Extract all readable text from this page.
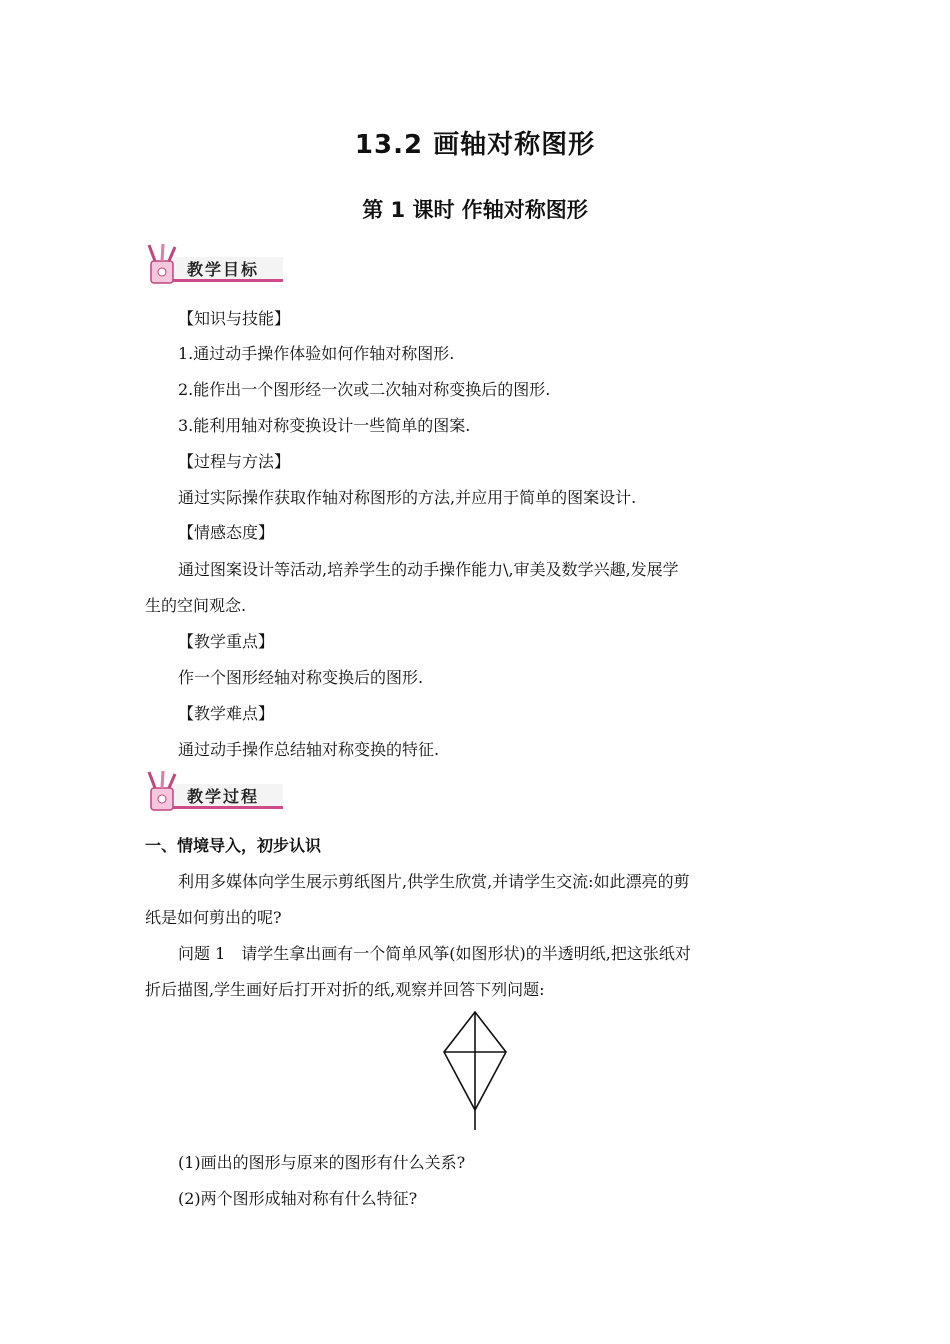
13.2 画轴对称图形
第 1 课时 作轴对称图形
教学目标
【知识与技能】
1.通过动手操作体验如何作轴对称图形.
2.能作出一个图形经一次或二次轴对称变换后的图形.
3.能利用轴对称变换设计一些简单的图案.
【过程与方法】
通过实际操作获取作轴对称图形的方法,并应用于简单的图案设计.
【情感态度】
通过图案设计等活动,培养学生的动手操作能力\,审美及数学兴趣,发展学
生的空间观念.
【教学重点】
作一个图形经轴对称变换后的图形.
【教学难点】
通过动手操作总结轴对称变换的特征.
教学过程
一、情境导入，初步认识
利用多媒体向学生展示剪纸图片,供学生欣赏,并请学生交流:如此漂亮的剪
纸是如何剪出的呢?
问题 1　请学生拿出画有一个简单风筝(如图形状)的半透明纸,把这张纸对
折后描图,学生画好后打开对折的纸,观察并回答下列问题:
(1)画出的图形与原来的图形有什么关系?
(2)两个图形成轴对称有什么特征?
